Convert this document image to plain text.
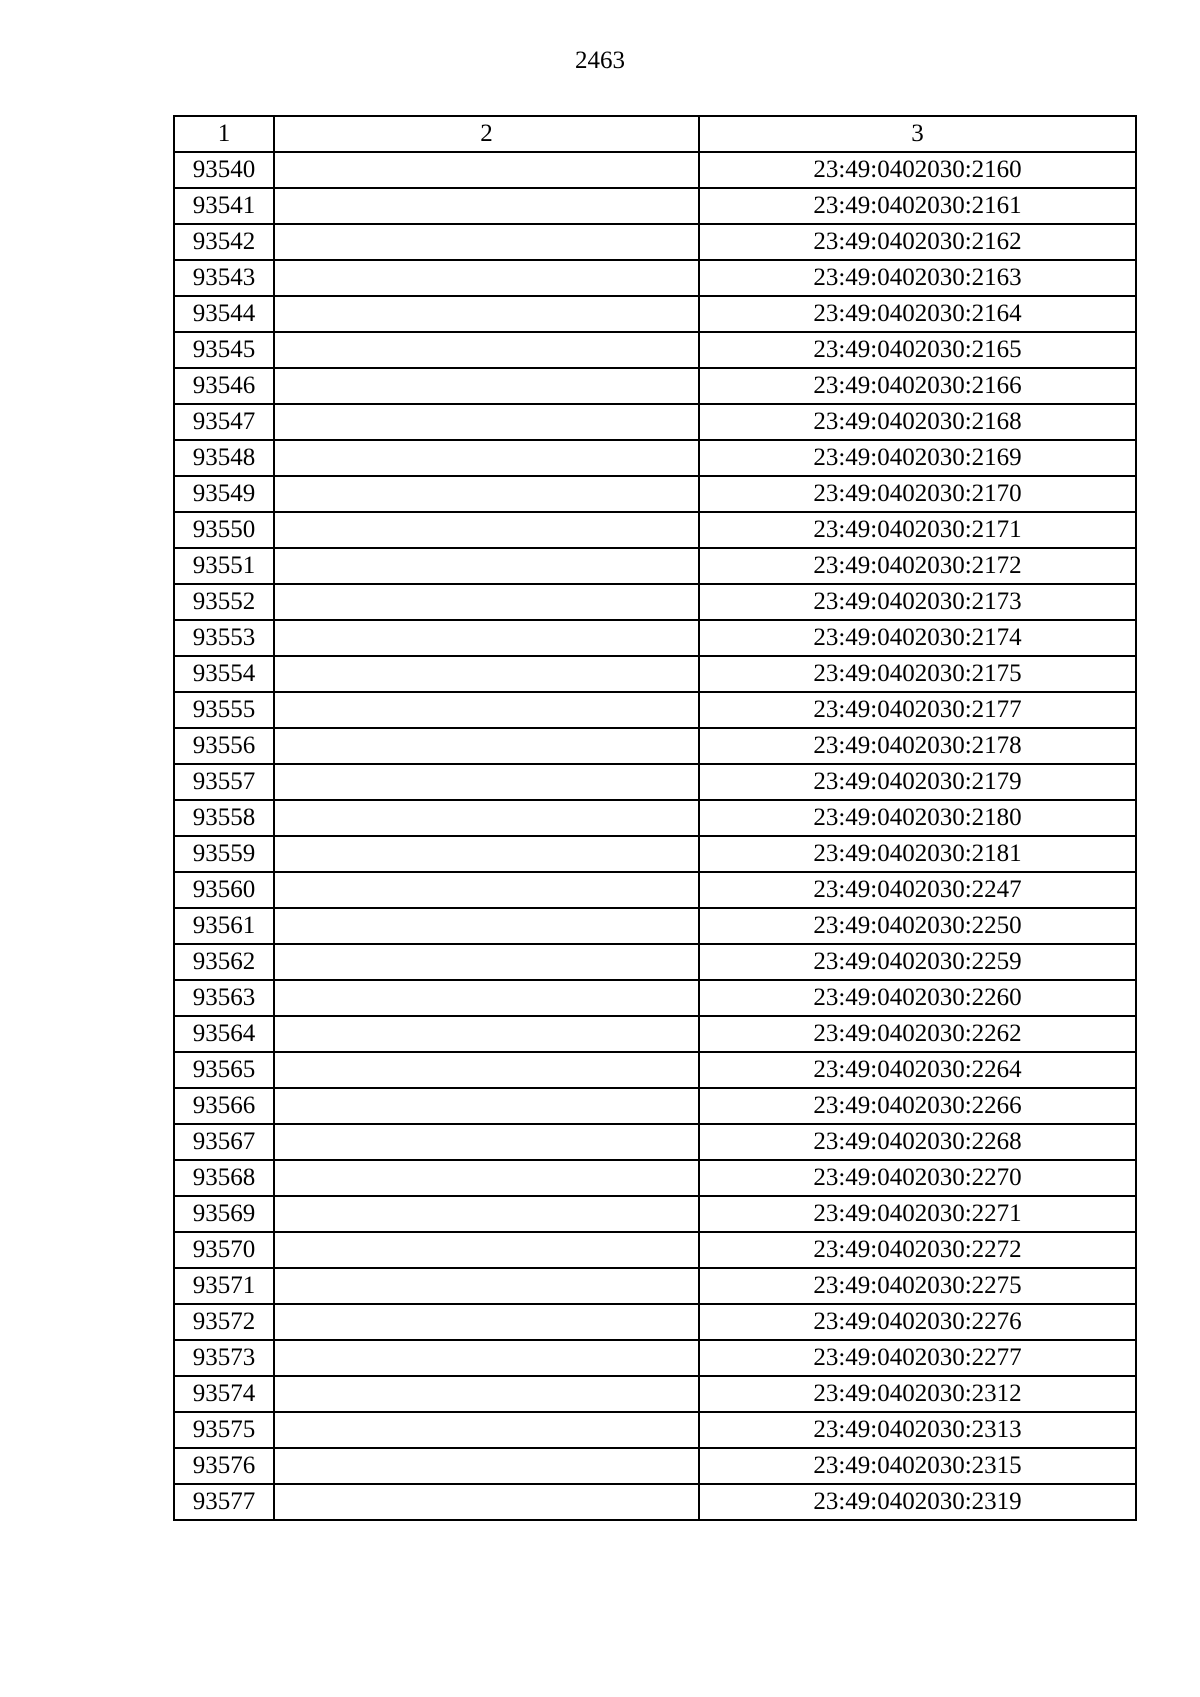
2463
1	2	3
93540		23:49:0402030:2160
93541		23:49:0402030:2161
93542		23:49:0402030:2162
93543		23:49:0402030:2163
93544		23:49:0402030:2164
93545		23:49:0402030:2165
93546		23:49:0402030:2166
93547		23:49:0402030:2168
93548		23:49:0402030:2169
93549		23:49:0402030:2170
93550		23:49:0402030:2171
93551		23:49:0402030:2172
93552		23:49:0402030:2173
93553		23:49:0402030:2174
93554		23:49:0402030:2175
93555		23:49:0402030:2177
93556		23:49:0402030:2178
93557		23:49:0402030:2179
93558		23:49:0402030:2180
93559		23:49:0402030:2181
93560		23:49:0402030:2247
93561		23:49:0402030:2250
93562		23:49:0402030:2259
93563		23:49:0402030:2260
93564		23:49:0402030:2262
93565		23:49:0402030:2264
93566		23:49:0402030:2266
93567		23:49:0402030:2268
93568		23:49:0402030:2270
93569		23:49:0402030:2271
93570		23:49:0402030:2272
93571		23:49:0402030:2275
93572		23:49:0402030:2276
93573		23:49:0402030:2277
93574		23:49:0402030:2312
93575		23:49:0402030:2313
93576		23:49:0402030:2315
93577		23:49:0402030:2319
